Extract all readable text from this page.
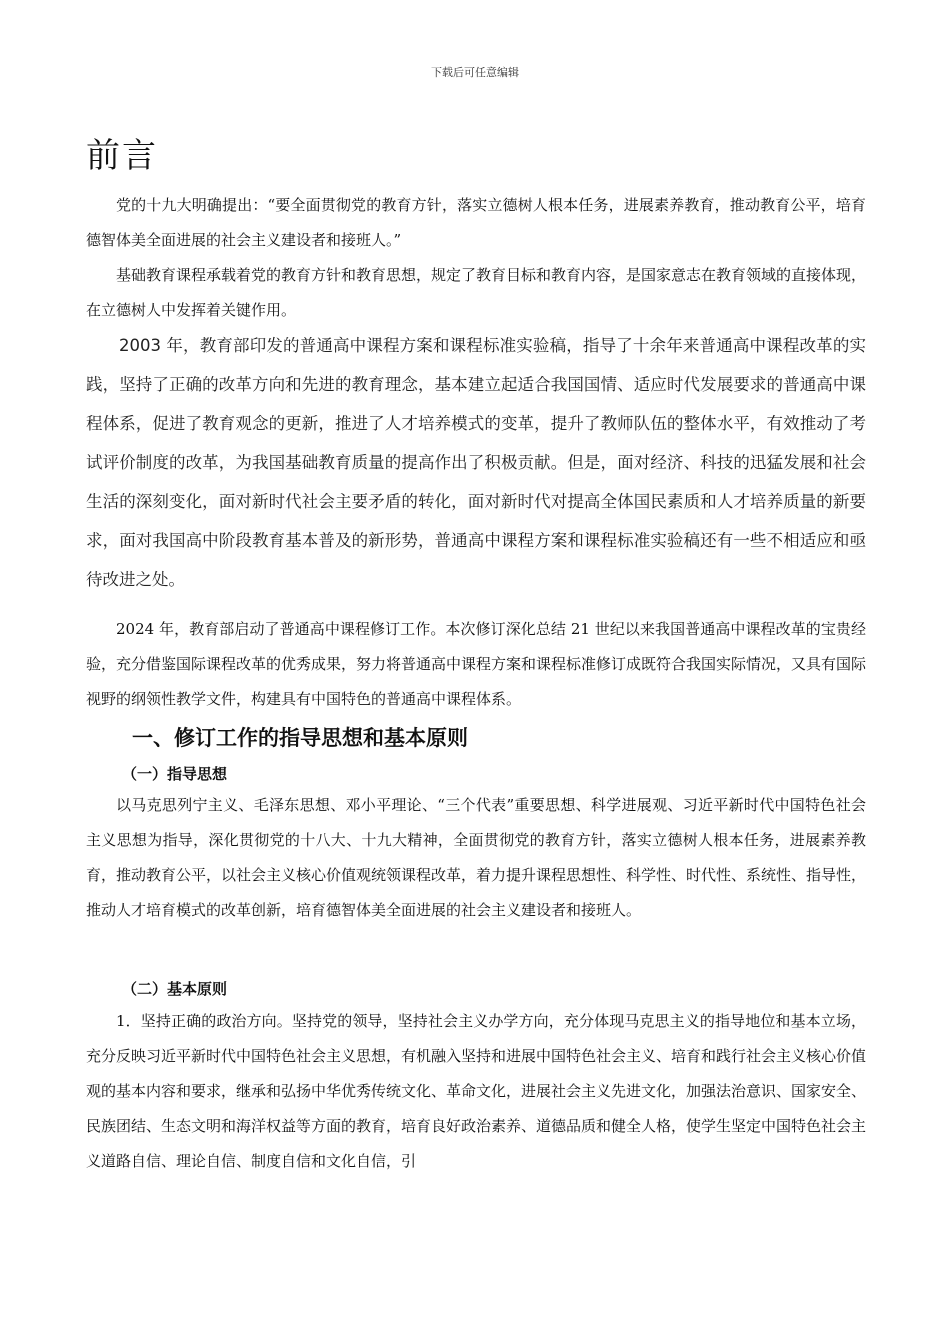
下载后可任意编辑
前言

党的十九大明确提出：“要全面贯彻党的教育方针，落实立德树人根本任务，进展素养教育，推动教育公平，培育德智体美全面进展的社会主义建设者和接班人。”

基础教育课程承载着党的教育方针和教育思想，规定了教育目标和教育内容，是国家意志在教育领域的直接体现，在立德树人中发挥着关键作用。

2003 年，教育部印发的普通高中课程方案和课程标准实验稿，指导了十余年来普通高中课程改革的实践，坚持了正确的改革方向和先进的教育理念，基本建立起适合我国国情、适应时代发展要求的普通高中课程体系，促进了教育观念的更新，推进了人才培养模式的变革，提升了教师队伍的整体水平，有效推动了考试评价制度的改革，为我国基础教育质量的提高作出了积极贡献。但是，面对经济、科技的迅猛发展和社会生活的深刻变化，面对新时代社会主要矛盾的转化，面对新时代对提高全体国民素质和人才培养质量的新要求，面对我国高中阶段教育基本普及的新形势，普通高中课程方案和课程标准实验稿还有一些不相适应和亟待改进之处。

2024 年，教育部启动了普通高中课程修订工作。本次修订深化总结 21 世纪以来我国普通高中课程改革的宝贵经验，充分借鉴国际课程改革的优秀成果，努力将普通高中课程方案和课程标准修订成既符合我国实际情况，又具有国际视野的纲领性教学文件，构建具有中国特色的普通高中课程体系。

一、修订工作的指导思想和基本原则
（一）指导思想

以马克思列宁主义、毛泽东思想、邓小平理论、“三个代表”重要思想、科学进展观、习近平新时代中国特色社会主义思想为指导，深化贯彻党的十八大、十九大精神，全面贯彻党的教育方针，落实立德树人根本任务，进展素养教育，推动教育公平，以社会主义核心价值观统领课程改革，着力提升课程思想性、科学性、时代性、系统性、指导性，推动人才培育模式的改革创新，培育德智体美全面进展的社会主义建设者和接班人。

（二）基本原则

1．坚持正确的政治方向。坚持党的领导，坚持社会主义办学方向，充分体现马克思主义的指导地位和基本立场，充分反映习近平新时代中国特色社会主义思想，有机融入坚持和进展中国特色社会主义、培育和践行社会主义核心价值观的基本内容和要求，继承和弘扬中华优秀传统文化、革命文化，进展社会主义先进文化，加强法治意识、国家安全、民族团结、生态文明和海洋权益等方面的教育，培育良好政治素养、道德品质和健全人格，使学生坚定中国特色社会主义道路自信、理论自信、制度自信和文化自信，引
